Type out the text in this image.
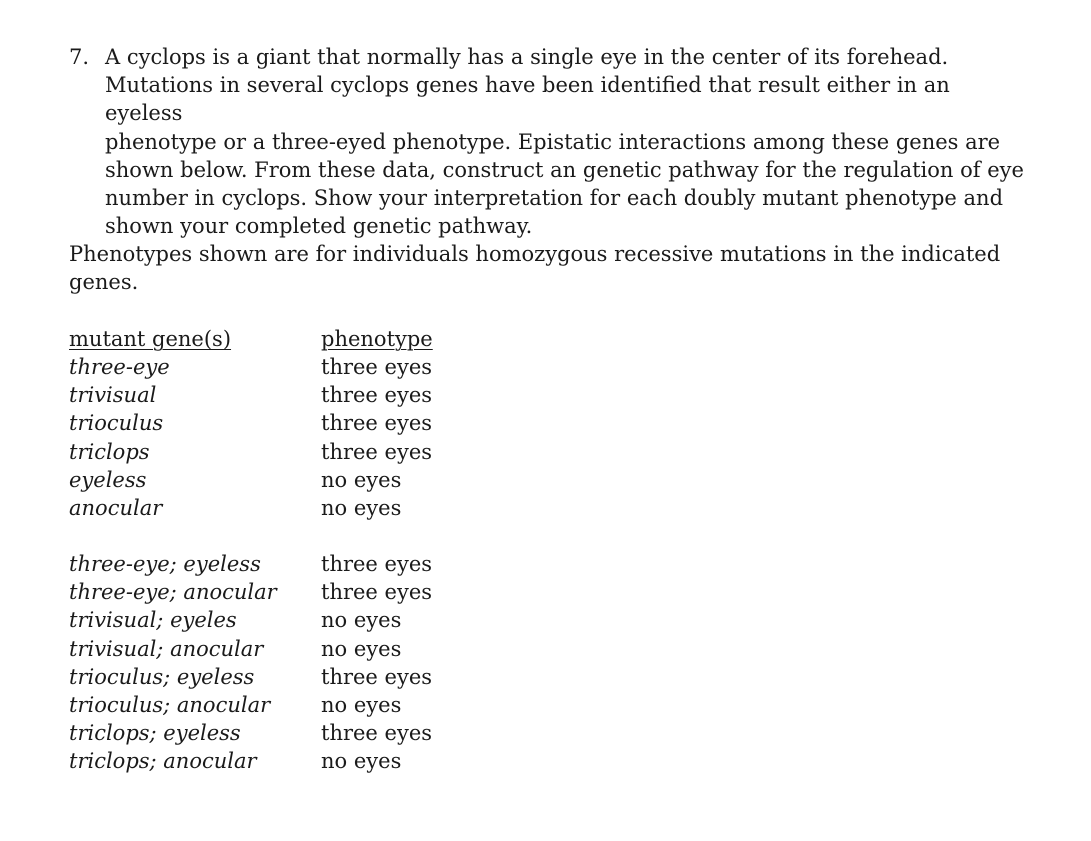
7. A cyclops is a giant that normally has a single eye in the center of its forehead.
Mutations in several cyclops genes have been identified that result either in an eyeless
phenotype or a three-eyed phenotype. Epistatic interactions among these genes are
shown below. From these data, construct an genetic pathway for the regulation of eye
number in cyclops. Show your interpretation for each doubly mutant phenotype and
shown your completed genetic pathway.
Phenotypes shown are for individuals homozygous recessive mutations in the indicated
genes.
mutant gene(s)	phenotype
three-eye
trivisual
trioculus
triclops
eyeless
anocular
three eyes
three eyes
three eyes
three eyes
no eyes
no eyes
three-eye; eyeless
three-eye; anocular
trivisual; eyeles
trivisual; anocular
trioculus; eyeless
trioculus; anocular
triclops; eyeless
triclops; anocular
three eyes
three eyes
no eyes
no eyes
three eyes
no eyes
three eyes
no eyes
